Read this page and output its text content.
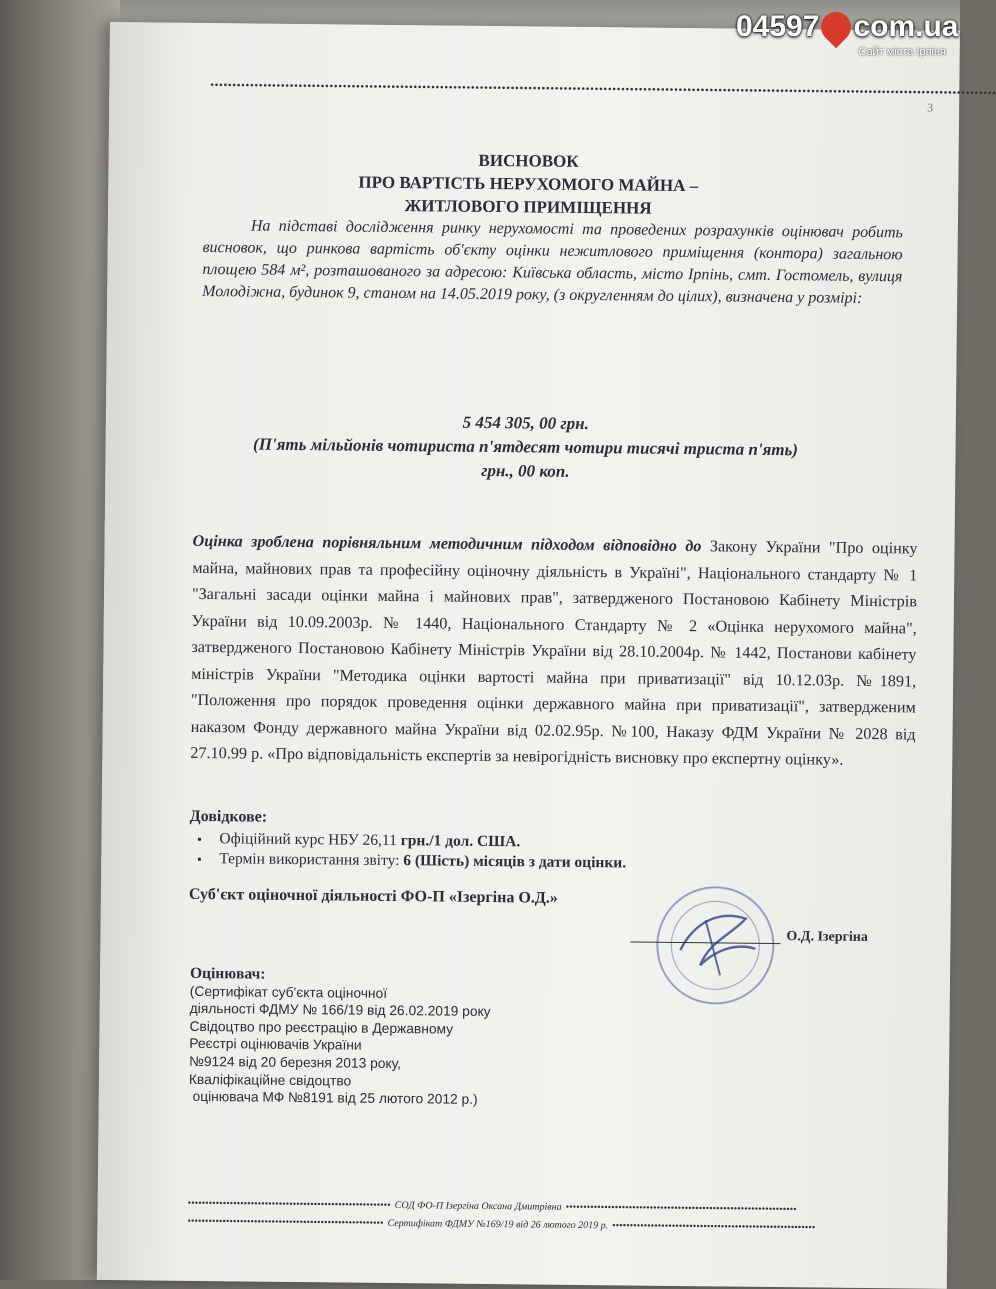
••••••••••••••••••••••••••••••••••••••••••••••••••••••••••••••••••••••••••••••••••••••••••••••••••••••••••••••••••••••••••••••••••••••••••••••••••••••••••••••••••••••••••••••••••
3
ВИСНОВОК
ПРО ВАРТІСТЬ НЕРУХОМОГО МАЙНА –
ЖИТЛОВОГО ПРИМІЩЕННЯ
На підставі дослідження ринку нерухомості та проведених розрахунків оцінювач робить висновок, що ринкова вартість об'єкту оцінки нежитлового приміщення (контора) загальною площею 584 м², розташованого за адресою: Київська область, місто Ірпінь, смт. Гостомель, вулиця Молодіжна, будинок 9, станом на 14.05.2019 року, (з округленням до цілих), визначена у розмірі:
5 454 305, 00 грн.
(П'ять мільйонів чотириста п'ятдесят чотири тисячі триста п'ять)
грн., 00 коп.
Оцінка зроблена порівняльним методичним підходом відповідно до Закону України "Про оцінку майна, майнових прав та професійну оціночну діяльність в Україні", Національного стандарту № 1 "Загальні засади оцінки майна і майнових прав", затвердженого Постановою Кабінету Міністрів України від 10.09.2003р. № 1440, Національного Стандарту № 2 «Оцінка нерухомого майна", затвердженого Постановою Кабінету Міністрів України від 28.10.2004р. № 1442, Постанови кабінету міністрів України "Методика оцінки вартості майна при приватизації" від 10.12.03р. №1891, "Положення про порядок проведення оцінки державного майна при приватизації", затвердженим наказом Фонду державного майна України від 02.02.95р. №100, Наказу ФДМ України № 2028 від 27.10.99 р. «Про відповідальність експертів за невірогідність висновку про експертну оцінку».
Довідкове:
▪ Офіційний курс НБУ 26,11 грн./1 дол. США.
▪ Термін використання звіту: 6 (Шість) місяців з дати оцінки.
Суб'єкт оціночної діяльності ФО-П «Ізергіна О.Д.»
О.Д. Ізергіна
Оцінювач:
(Сертифікат суб'єкта оціночної
діяльності ФДМУ № 166/19 від 26.02.2019 року
Свідоцтво про реєстрацію в Державному
Реєстрі оцінювачів України
№9124 від 20 березня 2013 року,
Кваліфікаційне свідоцтво
оцінювача МФ №8191 від 25 лютого 2012 р.)
•••••••••••••••••••••••••••••••••••••••••••••••••••••••••• СОД ФО-П Ізергіна Оксана Дмитрівна ••••••••••••••••••••••••••••••••••••••••••••••••••••••••••••••••••
•••••••••••••••••••••••••••••••••••••••••••••••••••••••• Сертифікат ФДМУ №169/19 від 26 лютого 2019 р. ••••••••••••••••••••••••••••••••••••••••••••••••••••••••••
04597 com.ua
Сайт міста Ірпіня
